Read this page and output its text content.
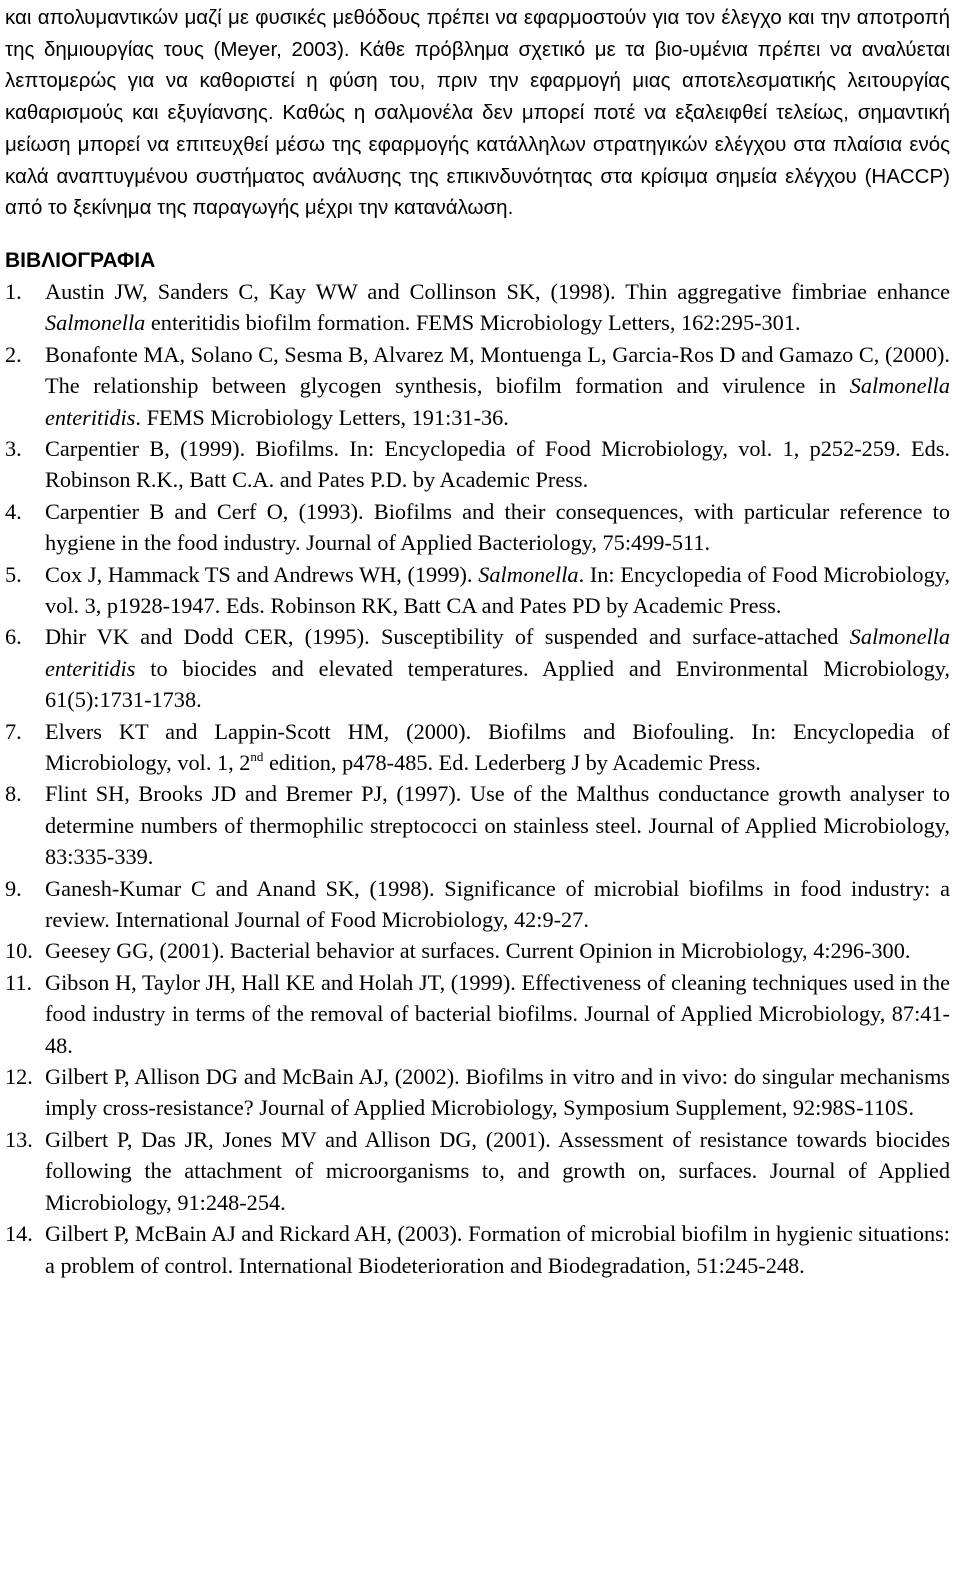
και απολυμαντικών μαζί με φυσικές μεθόδους πρέπει να εφαρμοστούν για τον έλεγχο και την αποτροπή της δημιουργίας τους (Meyer, 2003). Κάθε πρόβλημα σχετικό με τα βιο-υμένια πρέπει να αναλύεται λεπτομερώς για να καθοριστεί η φύση του, πριν την εφαρμογή μιας αποτελεσματικής λειτουργίας καθαρισμούς και εξυγίανσης. Καθώς η σαλμονέλα δεν μπορεί ποτέ να εξαλειφθεί τελείως, σημαντική μείωση μπορεί να επιτευχθεί μέσω της εφαρμογής κατάλληλων στρατηγικών ελέγχου στα πλαίσια ενός καλά αναπτυγμένου συστήματος ανάλυσης της επικινδυνότητας στα κρίσιμα σημεία ελέγχου (HACCP) από το ξεκίνημα της παραγωγής μέχρι την κατανάλωση.

ΒΙΒΛΙΟΓΡΑΦΙΑ
1. Austin JW, Sanders C, Kay WW and Collinson SK, (1998). Thin aggregative fimbriae enhance Salmonella enteritidis biofilm formation. FEMS Microbiology Letters, 162:295-301.
2. Bonafonte MA, Solano C, Sesma B, Alvarez M, Montuenga L, Garcia-Ros D and Gamazo C, (2000). The relationship between glycogen synthesis, biofilm formation and virulence in Salmonella enteritidis. FEMS Microbiology Letters, 191:31-36.
3. Carpentier B, (1999). Biofilms. In: Encyclopedia of Food Microbiology, vol. 1, p252-259. Eds. Robinson R.K., Batt C.A. and Pates P.D. by Academic Press.
4. Carpentier B and Cerf O, (1993). Biofilms and their consequences, with particular reference to hygiene in the food industry. Journal of Applied Bacteriology, 75:499-511.
5. Cox J, Hammack TS and Andrews WH, (1999). Salmonella. In: Encyclopedia of Food Microbiology, vol. 3, p1928-1947. Eds. Robinson RK, Batt CA and Pates PD by Academic Press.
6. Dhir VK and Dodd CER, (1995). Susceptibility of suspended and surface-attached Salmonella enteritidis to biocides and elevated temperatures. Applied and Environmental Microbiology, 61(5):1731-1738.
7. Elvers KT and Lappin-Scott HM, (2000). Biofilms and Biofouling. In: Encyclopedia of Microbiology, vol. 1, 2nd edition, p478-485. Ed. Lederberg J by Academic Press.
8. Flint SH, Brooks JD and Bremer PJ, (1997). Use of the Malthus conductance growth analyser to determine numbers of thermophilic streptococci on stainless steel. Journal of Applied Microbiology, 83:335-339.
9. Ganesh-Kumar C and Anand SK, (1998). Significance of microbial biofilms in food industry: a review. International Journal of Food Microbiology, 42:9-27.
10. Geesey GG, (2001). Bacterial behavior at surfaces. Current Opinion in Microbiology, 4:296-300.
11. Gibson H, Taylor JH, Hall KE and Holah JT, (1999). Effectiveness of cleaning techniques used in the food industry in terms of the removal of bacterial biofilms. Journal of Applied Microbiology, 87:41-48.
12. Gilbert P, Allison DG and McBain AJ, (2002). Biofilms in vitro and in vivo: do singular mechanisms imply cross-resistance? Journal of Applied Microbiology, Symposium Supplement, 92:98S-110S.
13. Gilbert P, Das JR, Jones MV and Allison DG, (2001). Assessment of resistance towards biocides following the attachment of microorganisms to, and growth on, surfaces. Journal of Applied Microbiology, 91:248-254.
14. Gilbert P, McBain AJ and Rickard AH, (2003). Formation of microbial biofilm in hygienic situations: a problem of control. International Biodeterioration and Biodegradation, 51:245-248.
